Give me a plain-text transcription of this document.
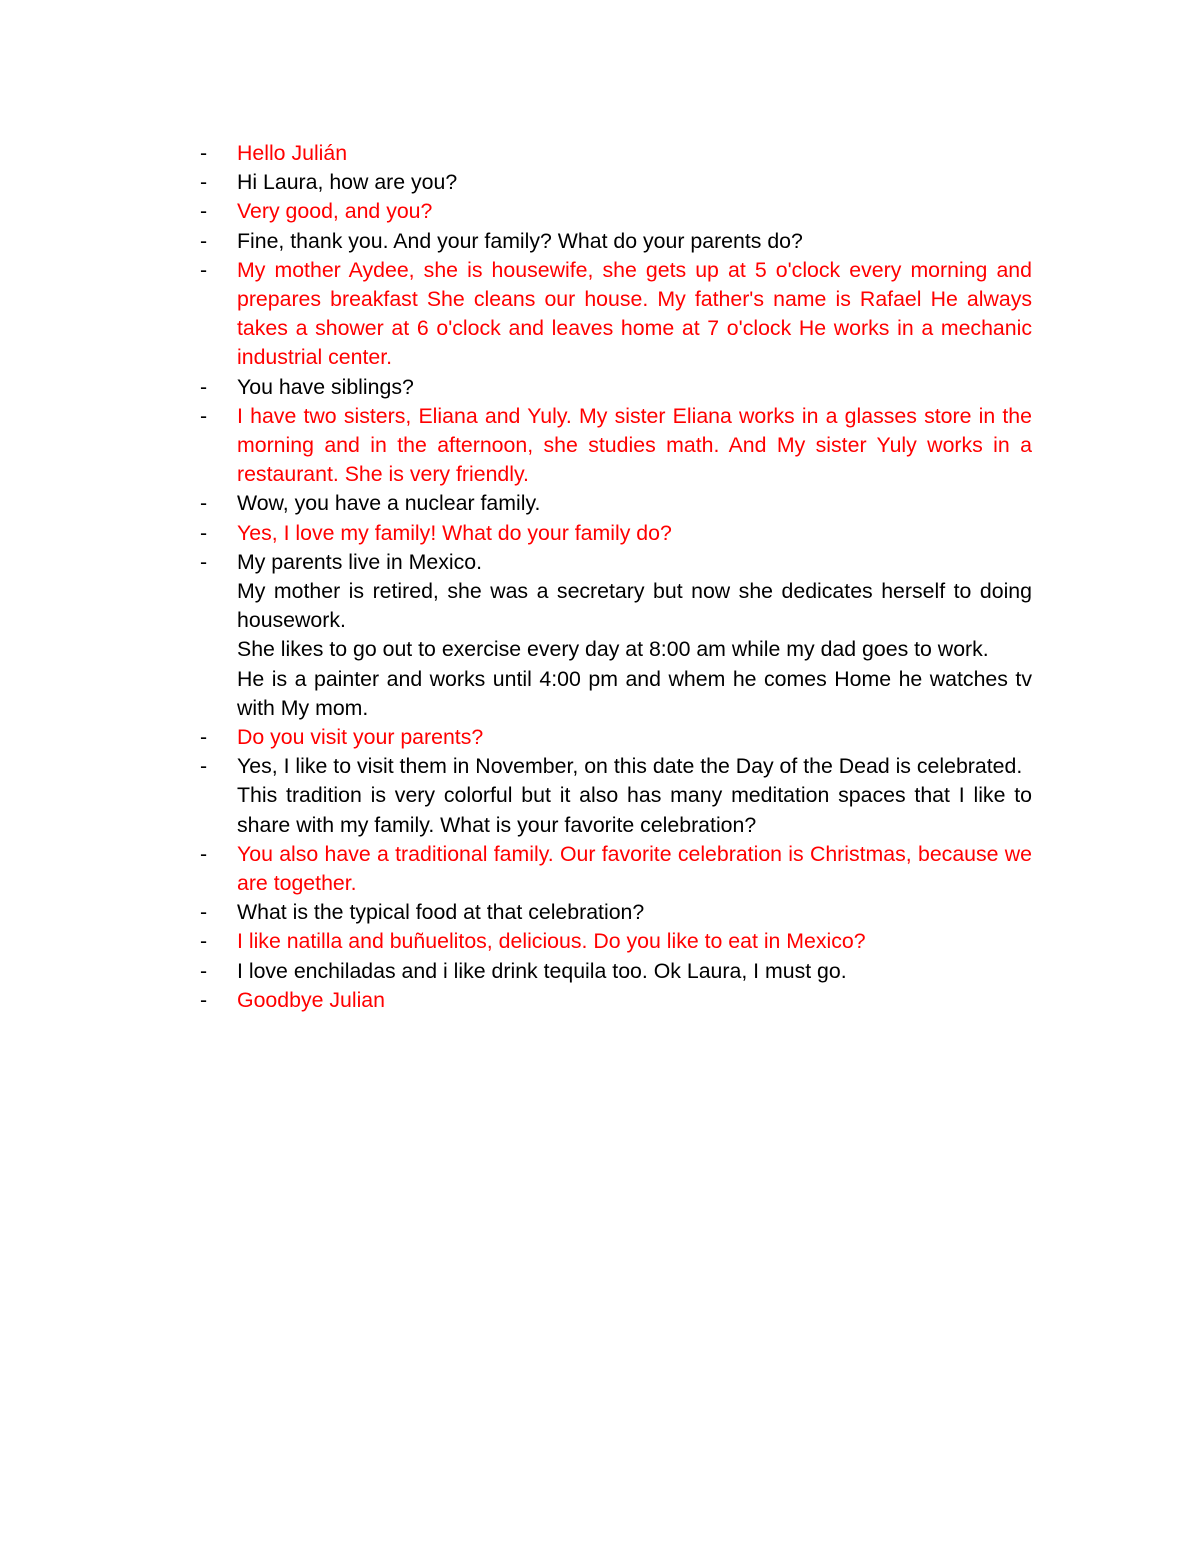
-	Hello Julián
-	Hi Laura, how are you?
-	Very good, and you?
-	Fine, thank you. And your family? What do your parents do?
-	My mother Aydee, she is housewife, she gets up at 5 o'clock every morning and prepares breakfast She cleans our house. My father's name is Rafael He always takes a shower at 6 o'clock and leaves home at 7 o'clock He works in a mechanic industrial center.
-	You have siblings?
-	I have two sisters, Eliana and Yuly. My sister Eliana works in a glasses store in the morning and in the afternoon, she studies math. And My sister Yuly works in a restaurant. She is very friendly.
-	Wow, you have a nuclear family.
-	Yes, I love my family! What do your family do?
-	My parents live in Mexico.
My mother is retired, she was a secretary but now she dedicates herself to doing housework.
She likes to go out to exercise every day at 8:00 am while my dad goes to work.
He is a painter and works until 4:00 pm and whem he comes Home he watches tv with My mom.
-	Do you visit your parents?
-	Yes, I like to visit them in November, on this date the Day of the Dead is celebrated.
This tradition is very colorful but it also has many meditation spaces that I like to share with my family. What is your favorite celebration?
-	You also have a traditional family. Our favorite celebration is Christmas, because we are together.
-	What is the typical food at that celebration?
-	I like natilla and buñuelitos, delicious. Do you like to eat in Mexico?
-	I love enchiladas and i like drink tequila too. Ok Laura, I must go.
-	Goodbye Julian
